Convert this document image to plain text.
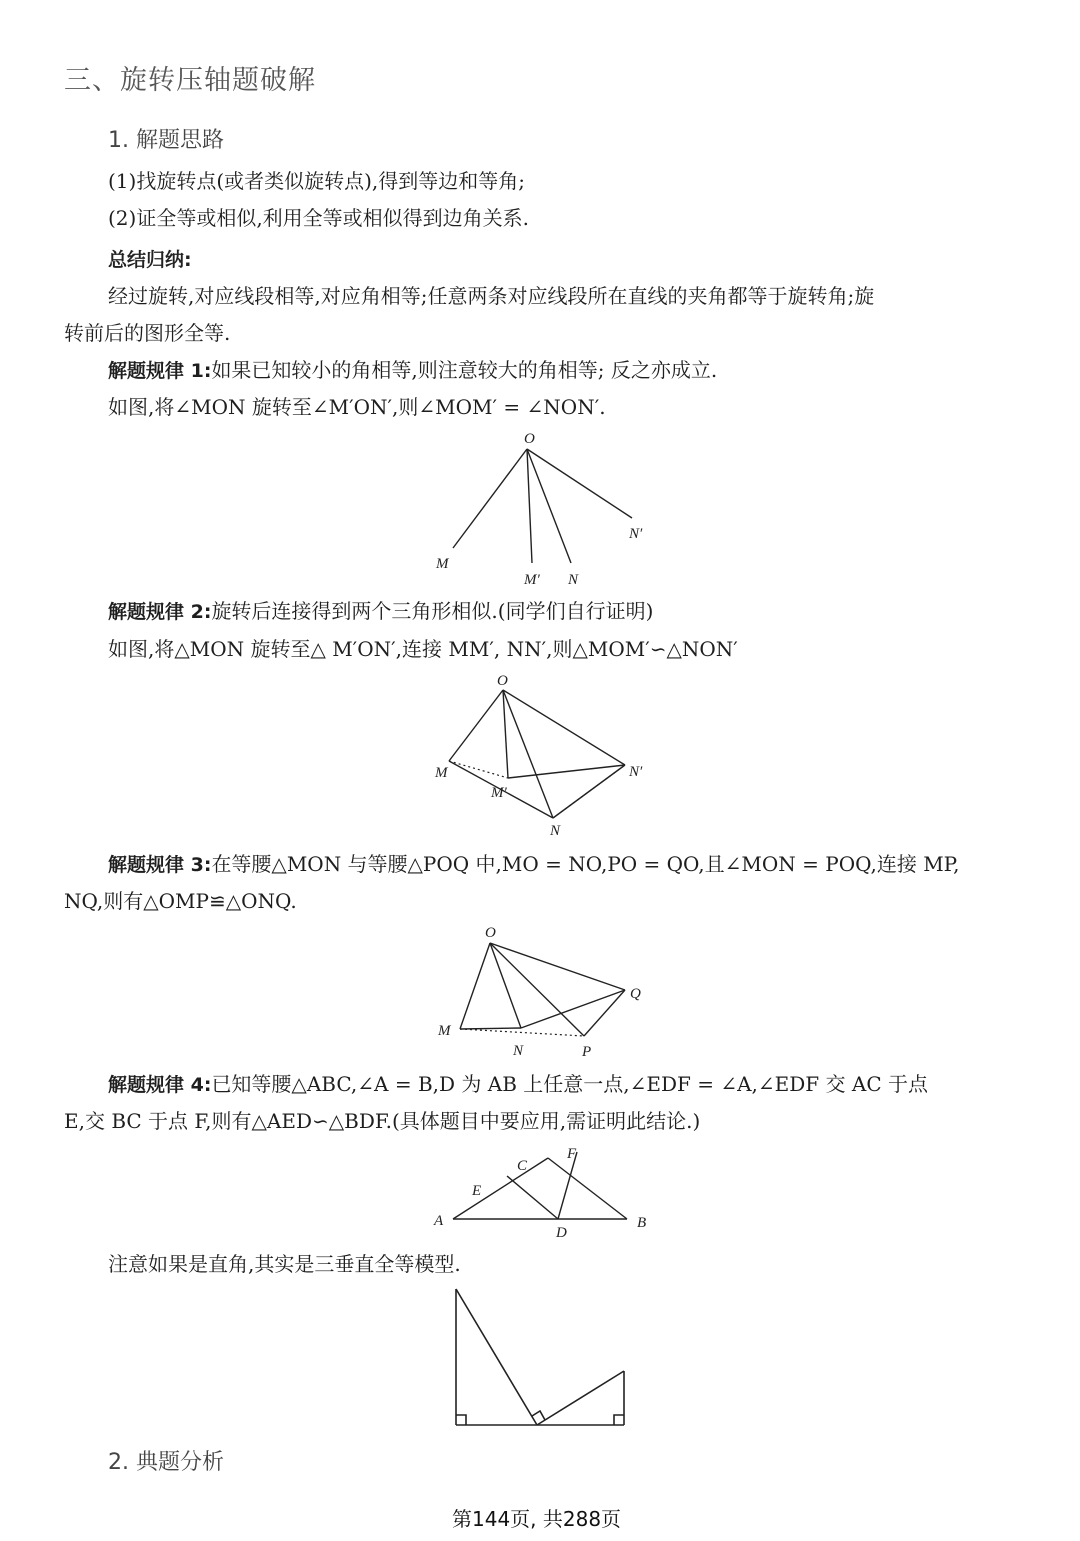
三、旋转压轴题破解
1. 解题思路
(1)找旋转点(或者类似旋转点),得到等边和等角;
(2)证全等或相似,利用全等或相似得到边角关系.
总结归纳:
经过旋转,对应线段相等,对应角相等;任意两条对应线段所在直线的夹角都等于旋转角;旋
转前后的图形全等.
解题规律 1:如果已知较小的角相等,则注意较大的角相等; 反之亦成立.
如图,将∠MON 旋转至∠M′ON′,则∠MOM′ = ∠NON′.
O
M
M′ N
N′
解题规律 2:旋转后连接得到两个三角形相似.(同学们自行证明)
如图,将△MON 旋转至△ M′ON′,连接 MM′, NN′,则△MOM′∽△NON′
O
M
M′
N
N′
解题规律 3:在等腰△MON 与等腰△POQ 中,MO = NO,PO = QO,且∠MON = POQ,连接 MP,
NQ,则有△OMP≌△ONQ.
O
M
N	P
Q
解题规律 4:已知等腰△ABC,∠A = B,D 为 AB 上任意一点,∠EDF = ∠A,∠EDF 交 AC 于点
E,交 BC 于点 F,则有△AED∽△BDF.(具体题目中要应用,需证明此结论.)
A	B
C
D
E
F
注意如果是直角,其实是三垂直全等模型.
2. 典题分析
第144页, 共288页
